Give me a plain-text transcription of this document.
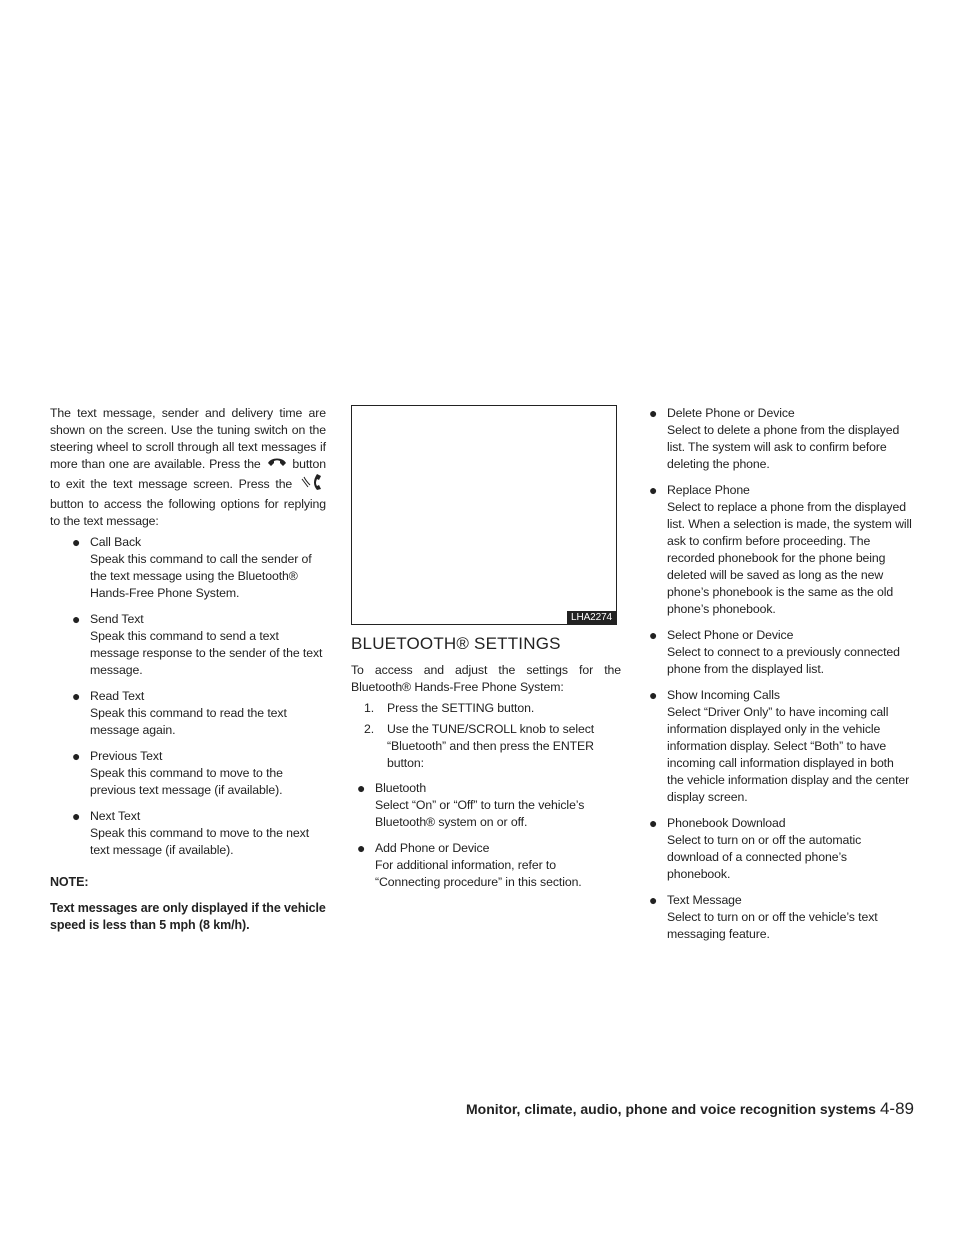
The text message, sender and delivery time are shown on the screen. Use the tuning switch on the steering wheel to scroll through all text messages if more than one are available. Press the	button to exit the text message screen. Press the  button to access the following options for replying to the text message:

● Call Back
Speak this command to call the sender of the text message using the Bluetooth® Hands-Free Phone System.
● Send Text
Speak this command to send a text message response to the sender of the text message.
● Read Text
Speak this command to read the text message again.
● Previous Text
Speak this command to move to the previous text message (if available).
● Next Text
Speak this command to move to the next text message (if available).

NOTE:

Text messages are only displayed if the vehicle speed is less than 5 mph (8 km/h).

LHA2274
BLUETOOTH® SETTINGS

To access and adjust the settings for the Bluetooth® Hands-Free Phone System:

1. Press the SETTING button.
2. Use the TUNE/SCROLL knob to select “Bluetooth” and then press the ENTER button:
● Bluetooth
Select “On” or “Off” to turn the vehicle’s Bluetooth® system on or off.
● Add Phone or Device
For additional information, refer to “Connecting procedure” in this section.
● Delete Phone or Device
Select to delete a phone from the displayed list. The system will ask to confirm before deleting the phone.
● Replace Phone
Select to replace a phone from the displayed list. When a selection is made, the system will ask to confirm before proceeding. The recorded phonebook for the phone being deleted will be saved as long as the new phone’s phonebook is the same as the old phone’s phonebook.
● Select Phone or Device
Select to connect to a previously connected phone from the displayed list.
● Show Incoming Calls
Select “Driver Only” to have incoming call information displayed only in the vehicle information display. Select “Both” to have incoming call information displayed in both the vehicle information display and the center display screen.
● Phonebook Download
Select to turn on or off the automatic download of a connected phone’s phonebook.
● Text Message
Select to turn on or off the vehicle’s text messaging feature.
Monitor, climate, audio, phone and voice recognition systems 4-89
